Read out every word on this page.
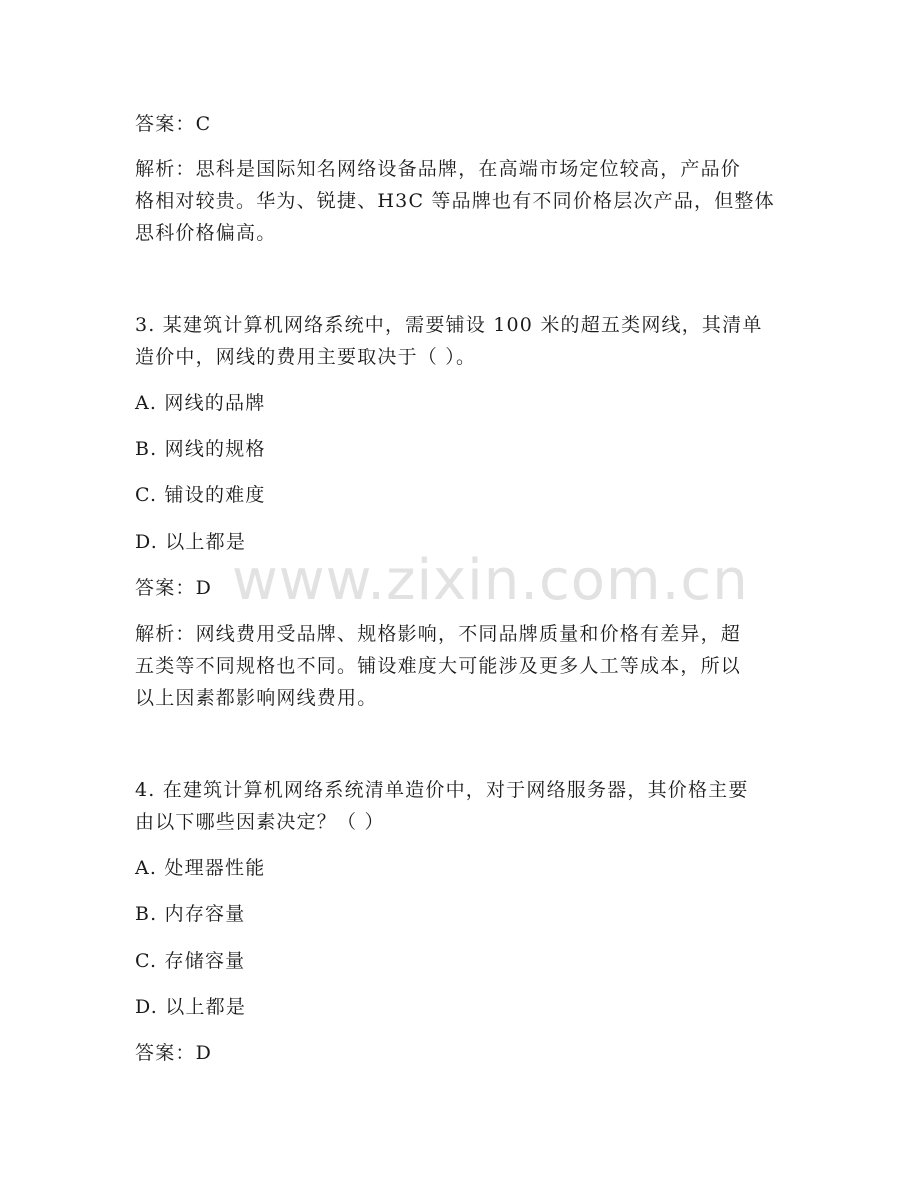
答案：C
解析：思科是国际知名网络设备品牌，在高端市场定位较高，产品价
格相对较贵。华为、锐捷、H3C 等品牌也有不同价格层次产品，但整体
思科价格偏高。
3. 某建筑计算机网络系统中，需要铺设 100 米的超五类网线，其清单
造价中，网线的费用主要取决于（ ）。
A. 网线的品牌
B. 网线的规格
C. 铺设的难度
D. 以上都是
答案：D
解析：网线费用受品牌、规格影响，不同品牌质量和价格有差异，超
五类等不同规格也不同。铺设难度大可能涉及更多人工等成本，所以
以上因素都影响网线费用。
4. 在建筑计算机网络系统清单造价中，对于网络服务器，其价格主要
由以下哪些因素决定？（ ）
A. 处理器性能
B. 内存容量
C. 存储容量
D. 以上都是
答案：D
www.zixin.com.cn
